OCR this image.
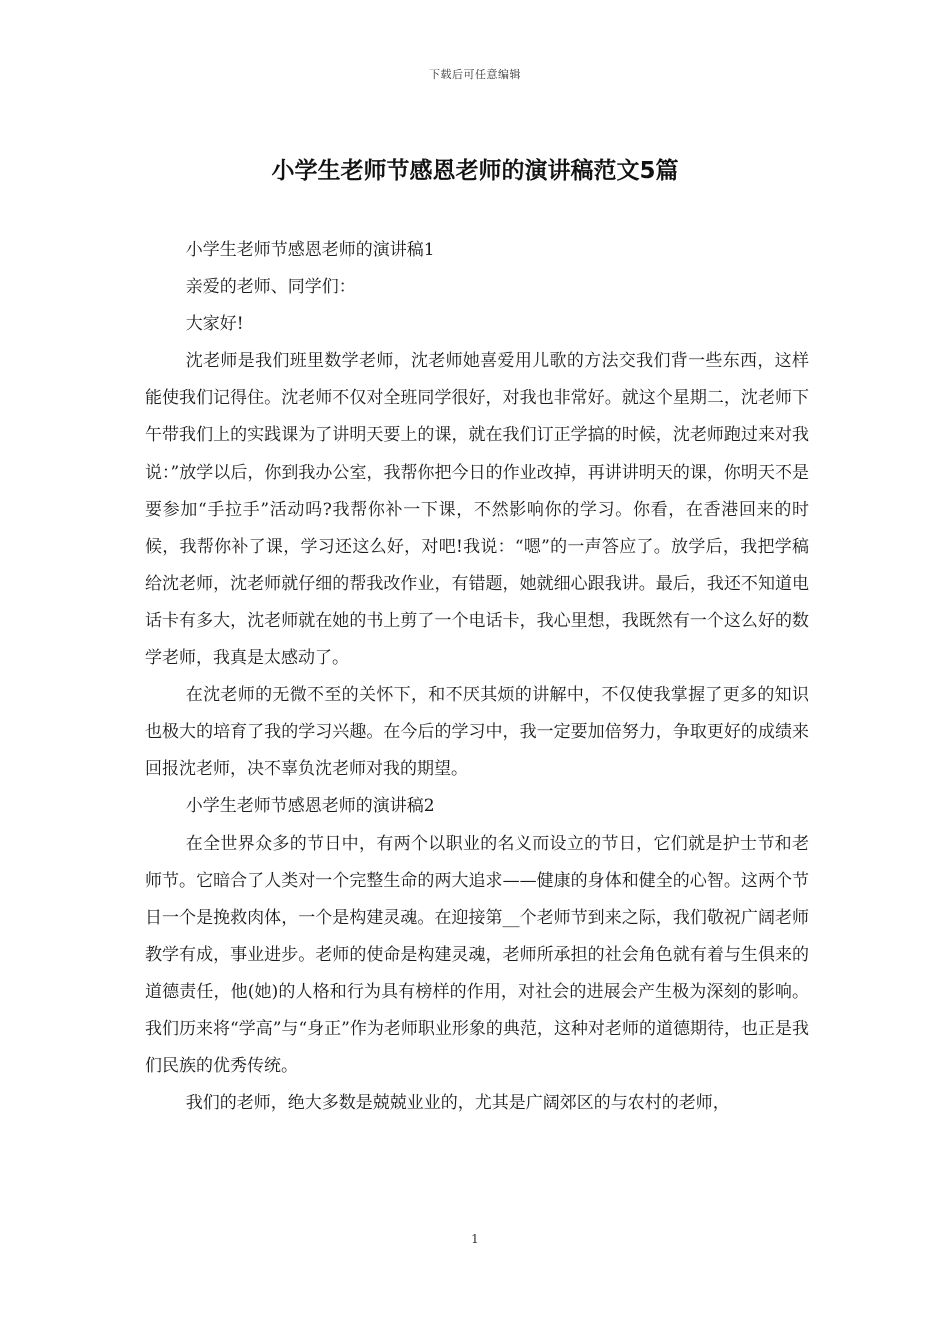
下载后可任意编辑
小学生老师节感恩老师的演讲稿范文5篇

小学生老师节感恩老师的演讲稿1

亲爱的老师、同学们：

大家好!

沈老师是我们班里数学老师，沈老师她喜爱用儿歌的方法交我们背一些东西，这样能使我们记得住。沈老师不仅对全班同学很好，对我也非常好。就这个星期二，沈老师下午带我们上的实践课为了讲明天要上的课，就在我们订正学搞的时候，沈老师跑过来对我说：”放学以后，你到我办公室，我帮你把今日的作业改掉，再讲讲明天的课，你明天不是要参加“手拉手”活动吗?我帮你补一下课，不然影响你的学习。你看，在香港回来的时候，我帮你补了课，学习还这么好，对吧!我说：“嗯”的一声答应了。放学后，我把学稿给沈老师，沈老师就仔细的帮我改作业，有错题，她就细心跟我讲。最后，我还不知道电话卡有多大，沈老师就在她的书上剪了一个电话卡，我心里想，我既然有一个这么好的数学老师，我真是太感动了。

在沈老师的无微不至的关怀下，和不厌其烦的讲解中，不仅使我掌握了更多的知识也极大的培育了我的学习兴趣。在今后的学习中，我一定要加倍努力，争取更好的成绩来回报沈老师，决不辜负沈老师对我的期望。

小学生老师节感恩老师的演讲稿2

在全世界众多的节日中，有两个以职业的名义而设立的节日，它们就是护士节和老师节。它暗合了人类对一个完整生命的两大追求——健康的身体和健全的心智。这两个节日一个是挽救肉体，一个是构建灵魂。在迎接第__个老师节到来之际，我们敬祝广阔老师教学有成，事业进步。老师的使命是构建灵魂，老师所承担的社会角色就有着与生俱来的道德责任，他(她)的人格和行为具有榜样的作用，对社会的进展会产生极为深刻的影响。我们历来将“学高”与“身正”作为老师职业形象的典范，这种对老师的道德期待，也正是我们民族的优秀传统。

我们的老师，绝大多数是兢兢业业的，尤其是广阔郊区的与农村的老师，

1
